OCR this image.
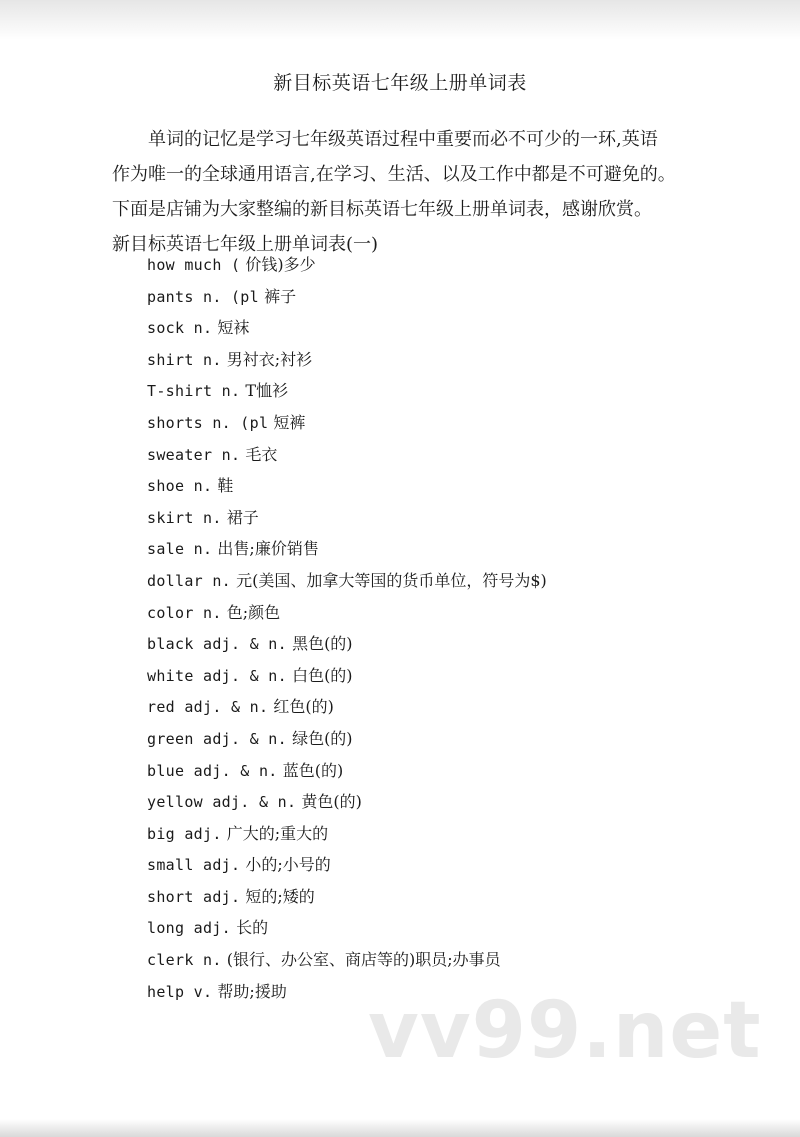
新目标英语七年级上册单词表

单词的记忆是学习七年级英语过程中重要而必不可少的一环,英语

作为唯一的全球通用语言,在学习、生活、以及工作中都是不可避免的。

下面是店铺为大家整编的新目标英语七年级上册单词表，感谢欣赏。

新目标英语七年级上册单词表(一)

how much ( 价钱)多少
pants n. (pl 裤子
sock n. 短袜
shirt n. 男衬衣;衬衫
T-shirt n. T恤衫
shorts n. (pl 短裤
sweater n. 毛衣
shoe n. 鞋
skirt n. 裙子
sale n. 出售;廉价销售
dollar n. 元(美国、加拿大等国的货币单位，符号为$)
color n. 色;颜色
black adj. & n. 黑色(的)
white adj. & n. 白色(的)
red adj. & n. 红色(的)
green adj. & n. 绿色(的)
blue adj. & n. 蓝色(的)
yellow adj. & n. 黄色(的)
big adj. 广大的;重大的
small adj. 小的;小号的
short adj. 短的;矮的
long adj. 长的
clerk n. (银行、办公室、商店等的)职员;办事员
help v. 帮助;援助	vv99.net
